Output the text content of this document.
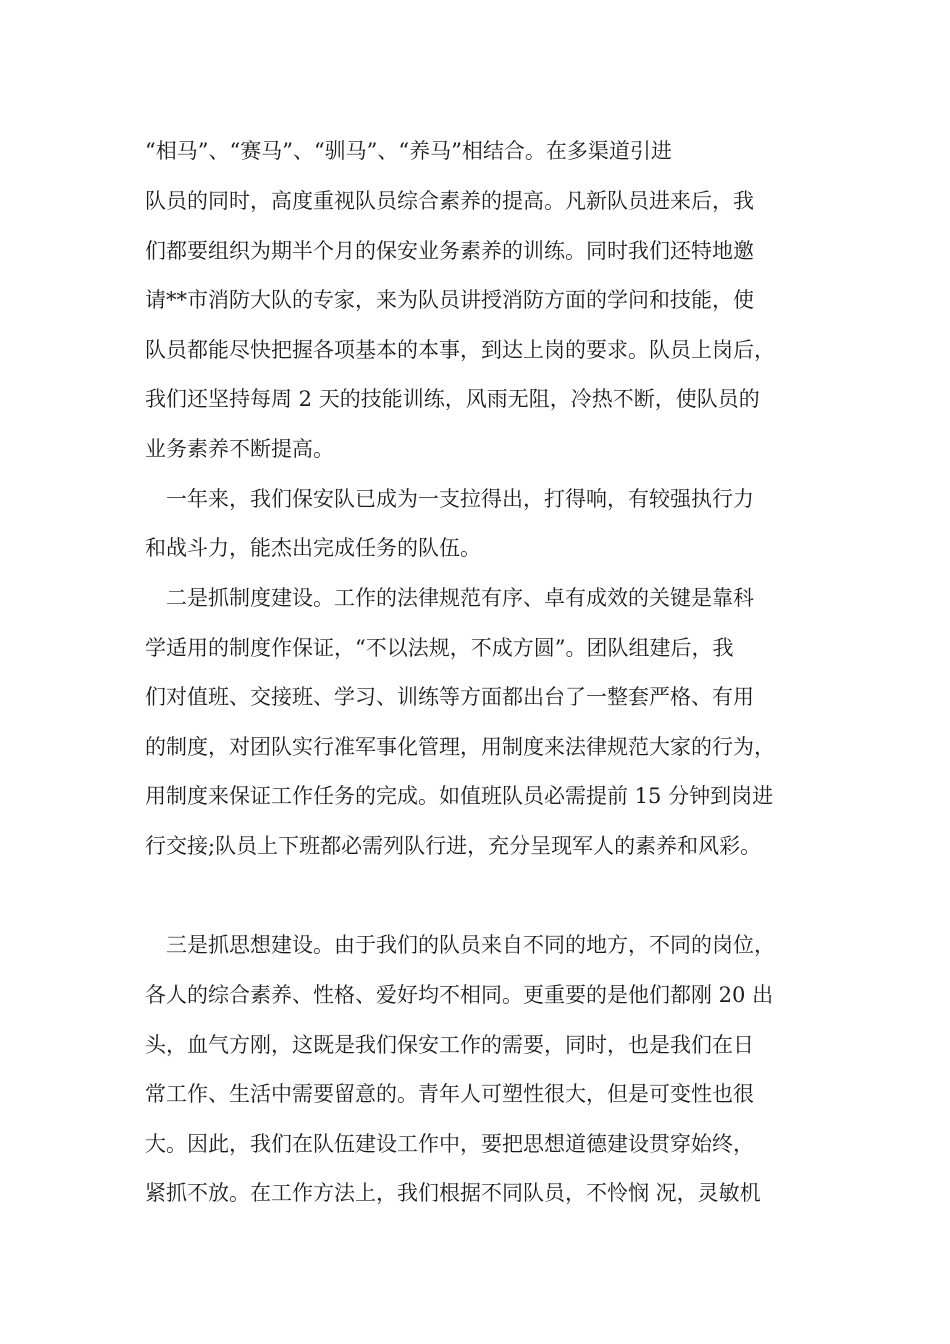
“相马”、“赛马”、“驯马”、“养马”相结合。在多渠道引进
队员的同时，高度重视队员综合素养的提高。凡新队员进来后，我
们都要组织为期半个月的保安业务素养的训练。同时我们还特地邀
请**市消防大队的专家，来为队员讲授消防方面的学问和技能，使
队员都能尽快把握各项基本的本事，到达上岗的要求。队员上岗后，
我们还坚持每周 2 天的技能训练，风雨无阻，冷热不断，使队员的
业务素养不断提高。
一年来，我们保安队已成为一支拉得出，打得响，有较强执行力
和战斗力，能杰出完成任务的队伍。
二是抓制度建设。工作的法律规范有序、卓有成效的关键是靠科
学适用的制度作保证，“不以法规，不成方圆”。团队组建后，我
们对值班、交接班、学习、训练等方面都出台了一整套严格、有用
的制度，对团队实行准军事化管理，用制度来法律规范大家的行为，
用制度来保证工作任务的完成。如值班队员必需提前 15 分钟到岗进
行交接;队员上下班都必需列队行进，充分呈现军人的素养和风彩。
三是抓思想建设。由于我们的队员来自不同的地方，不同的岗位，
各人的综合素养、性格、爱好均不相同。更重要的是他们都刚 20 出
头，血气方刚，这既是我们保安工作的需要，同时，也是我们在日
常工作、生活中需要留意的。青年人可塑性很大，但是可变性也很
大。因此，我们在队伍建设工作中，要把思想道德建设贯穿始终，
紧抓不放。在工作方法上，我们根据不同队员，不怜悯 况，灵敏机
